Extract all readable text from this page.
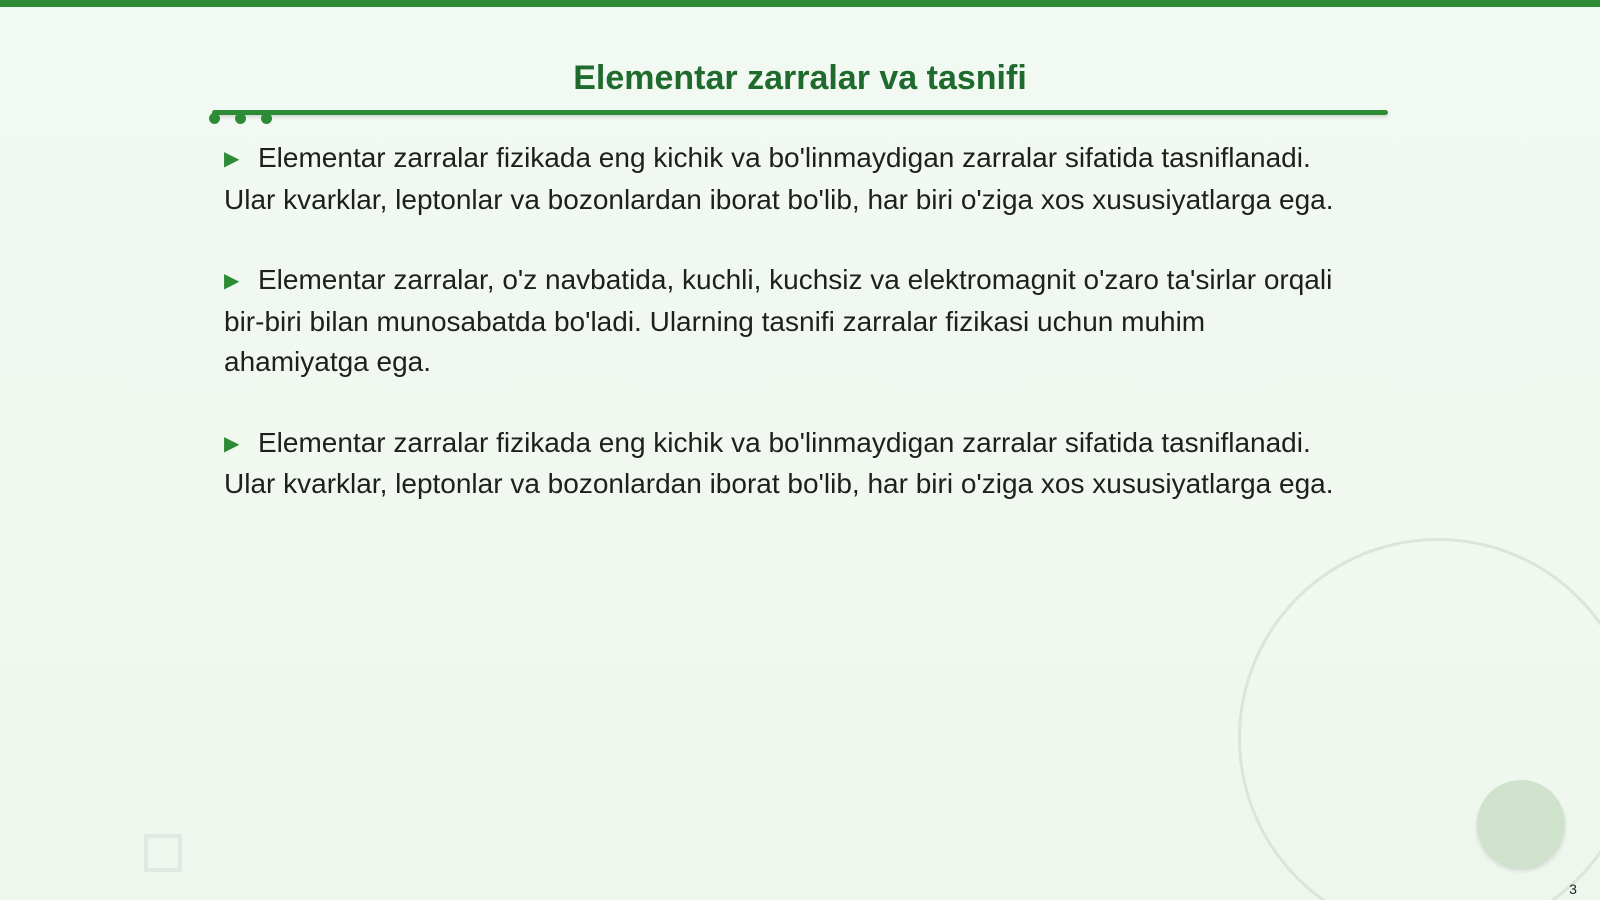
Elementar zarralar va tasnifi

▶ Elementar zarralar fizikada eng kichik va bo'linmaydigan zarralar sifatida tasniflanadi. Ular kvarklar, leptonlar va bozonlardan iborat bo'lib, har biri o'ziga xos xususiyatlarga ega.

▶ Elementar zarralar, o'z navbatida, kuchli, kuchsiz va elektromagnit o'zaro ta'sirlar orqali bir-biri bilan munosabatda bo'ladi. Ularning tasnifi zarralar fizikasi uchun muhim ahamiyatga ega.

▶ Elementar zarralar fizikada eng kichik va bo'linmaydigan zarralar sifatida tasniflanadi. Ular kvarklar, leptonlar va bozonlardan iborat bo'lib, har biri o'ziga xos xususiyatlarga ega.

3
